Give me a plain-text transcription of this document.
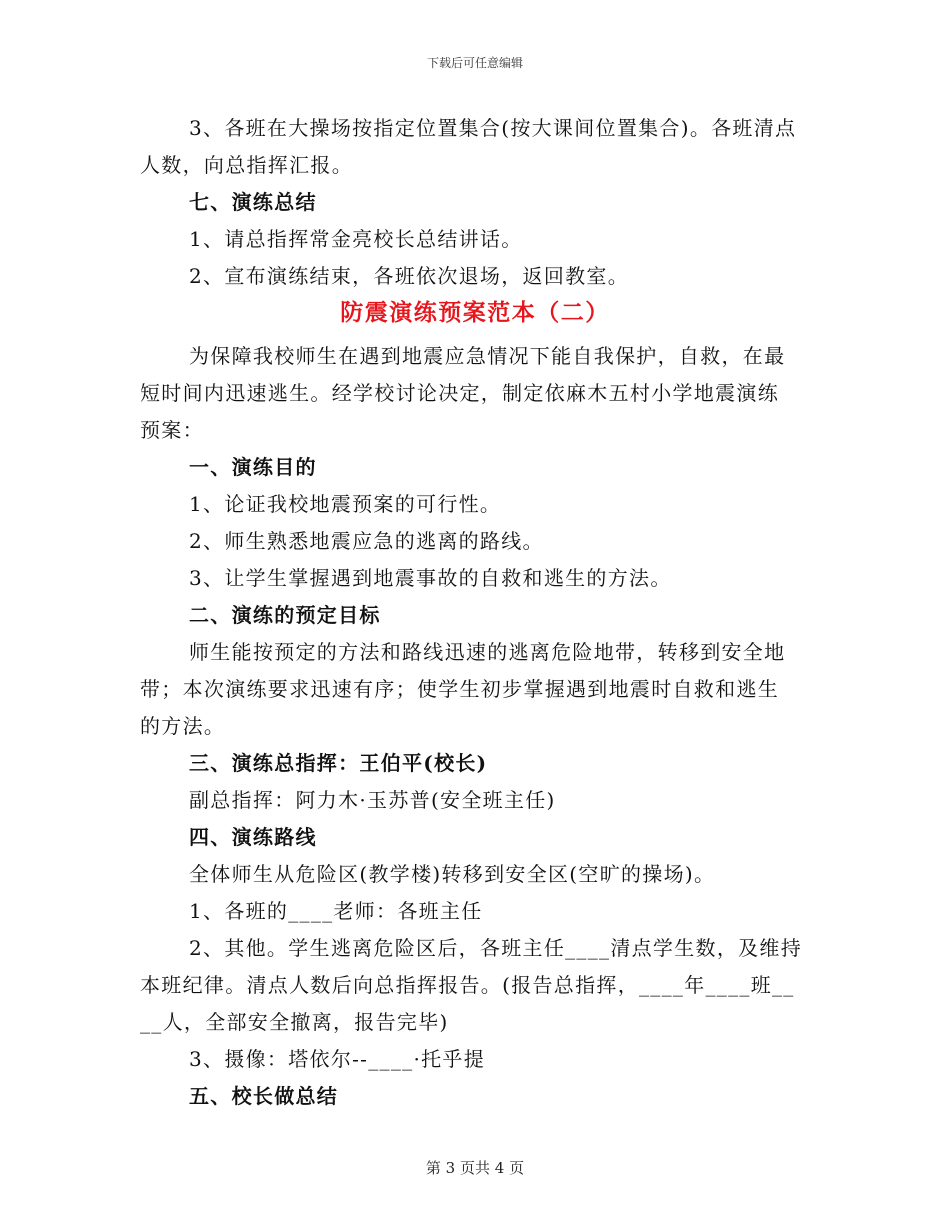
下载后可任意编辑
3、各班在大操场按指定位置集合(按大课间位置集合)。各班清点
人数，向总指挥汇报。
七、演练总结
1、请总指挥常金亮校长总结讲话。
2、宣布演练结束，各班依次退场，返回教室。
防震演练预案范本（二）
为保障我校师生在遇到地震应急情况下能自我保护，自救，在最
短时间内迅速逃生。经学校讨论决定，制定依麻木五村小学地震演练
预案：
一、演练目的
1、论证我校地震预案的可行性。
2、师生熟悉地震应急的逃离的路线。
3、让学生掌握遇到地震事故的自救和逃生的方法。
二、演练的预定目标
师生能按预定的方法和路线迅速的逃离危险地带，转移到安全地
带；本次演练要求迅速有序；使学生初步掌握遇到地震时自救和逃生
的方法。
三、演练总指挥：王伯平(校长)
副总指挥：阿力木·玉苏普(安全班主任)
四、演练路线
全体师生从危险区(教学楼)转移到安全区(空旷的操场)。
1、各班的____老师：各班主任
2、其他。学生逃离危险区后，各班主任____清点学生数，及维持
本班纪律。清点人数后向总指挥报告。(报告总指挥，____年____班__
__人，全部安全撤离，报告完毕)
3、摄像：塔依尔--____·托乎提
五、校长做总结
第 3 页共 4 页
